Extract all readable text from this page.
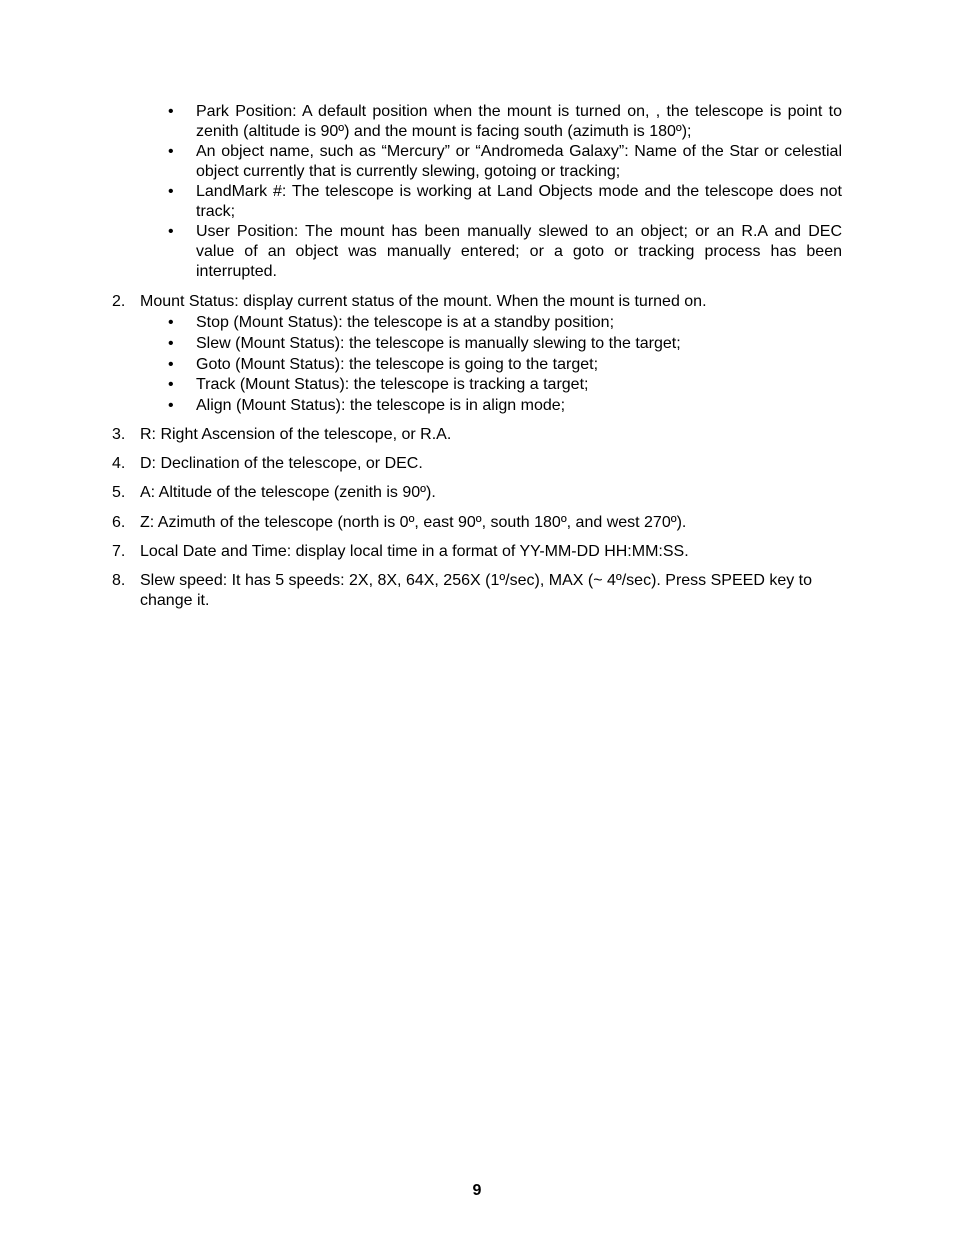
•	Park Position: A default position when the mount is turned on, , the telescope is point to zenith (altitude is 90º) and the mount is facing south (azimuth is 180º);
•	An object name, such as “Mercury” or “Andromeda Galaxy”: Name of the Star or celestial object currently that is currently slewing, gotoing or tracking;
•	LandMark #: The telescope is working at Land Objects mode and the telescope does not track;
•	User Position: The mount has been manually slewed to an object; or an R.A and DEC value of an object was manually entered; or a goto or tracking process has been interrupted.
2. Mount Status: display current status of the mount. When the mount is turned on.
•	Stop (Mount Status): the telescope is at a standby position;
•	Slew (Mount Status): the telescope is manually slewing to the target;
•	Goto (Mount Status): the telescope is going to the target;
•	Track (Mount Status): the telescope is tracking a target;
•	Align (Mount Status): the telescope is in align mode;
3. R: Right Ascension of the telescope, or R.A.
4. D: Declination of the telescope, or DEC.
5. A: Altitude of the telescope (zenith is 90º).
6. Z: Azimuth of the telescope (north is 0º, east 90º, south 180º, and west 270º).
7. Local Date and Time: display local time in a format of YY-MM-DD HH:MM:SS.
8. Slew speed: It has 5 speeds: 2X, 8X, 64X, 256X (1º/sec), MAX (~ 4º/sec). Press SPEED key to change it.
9
